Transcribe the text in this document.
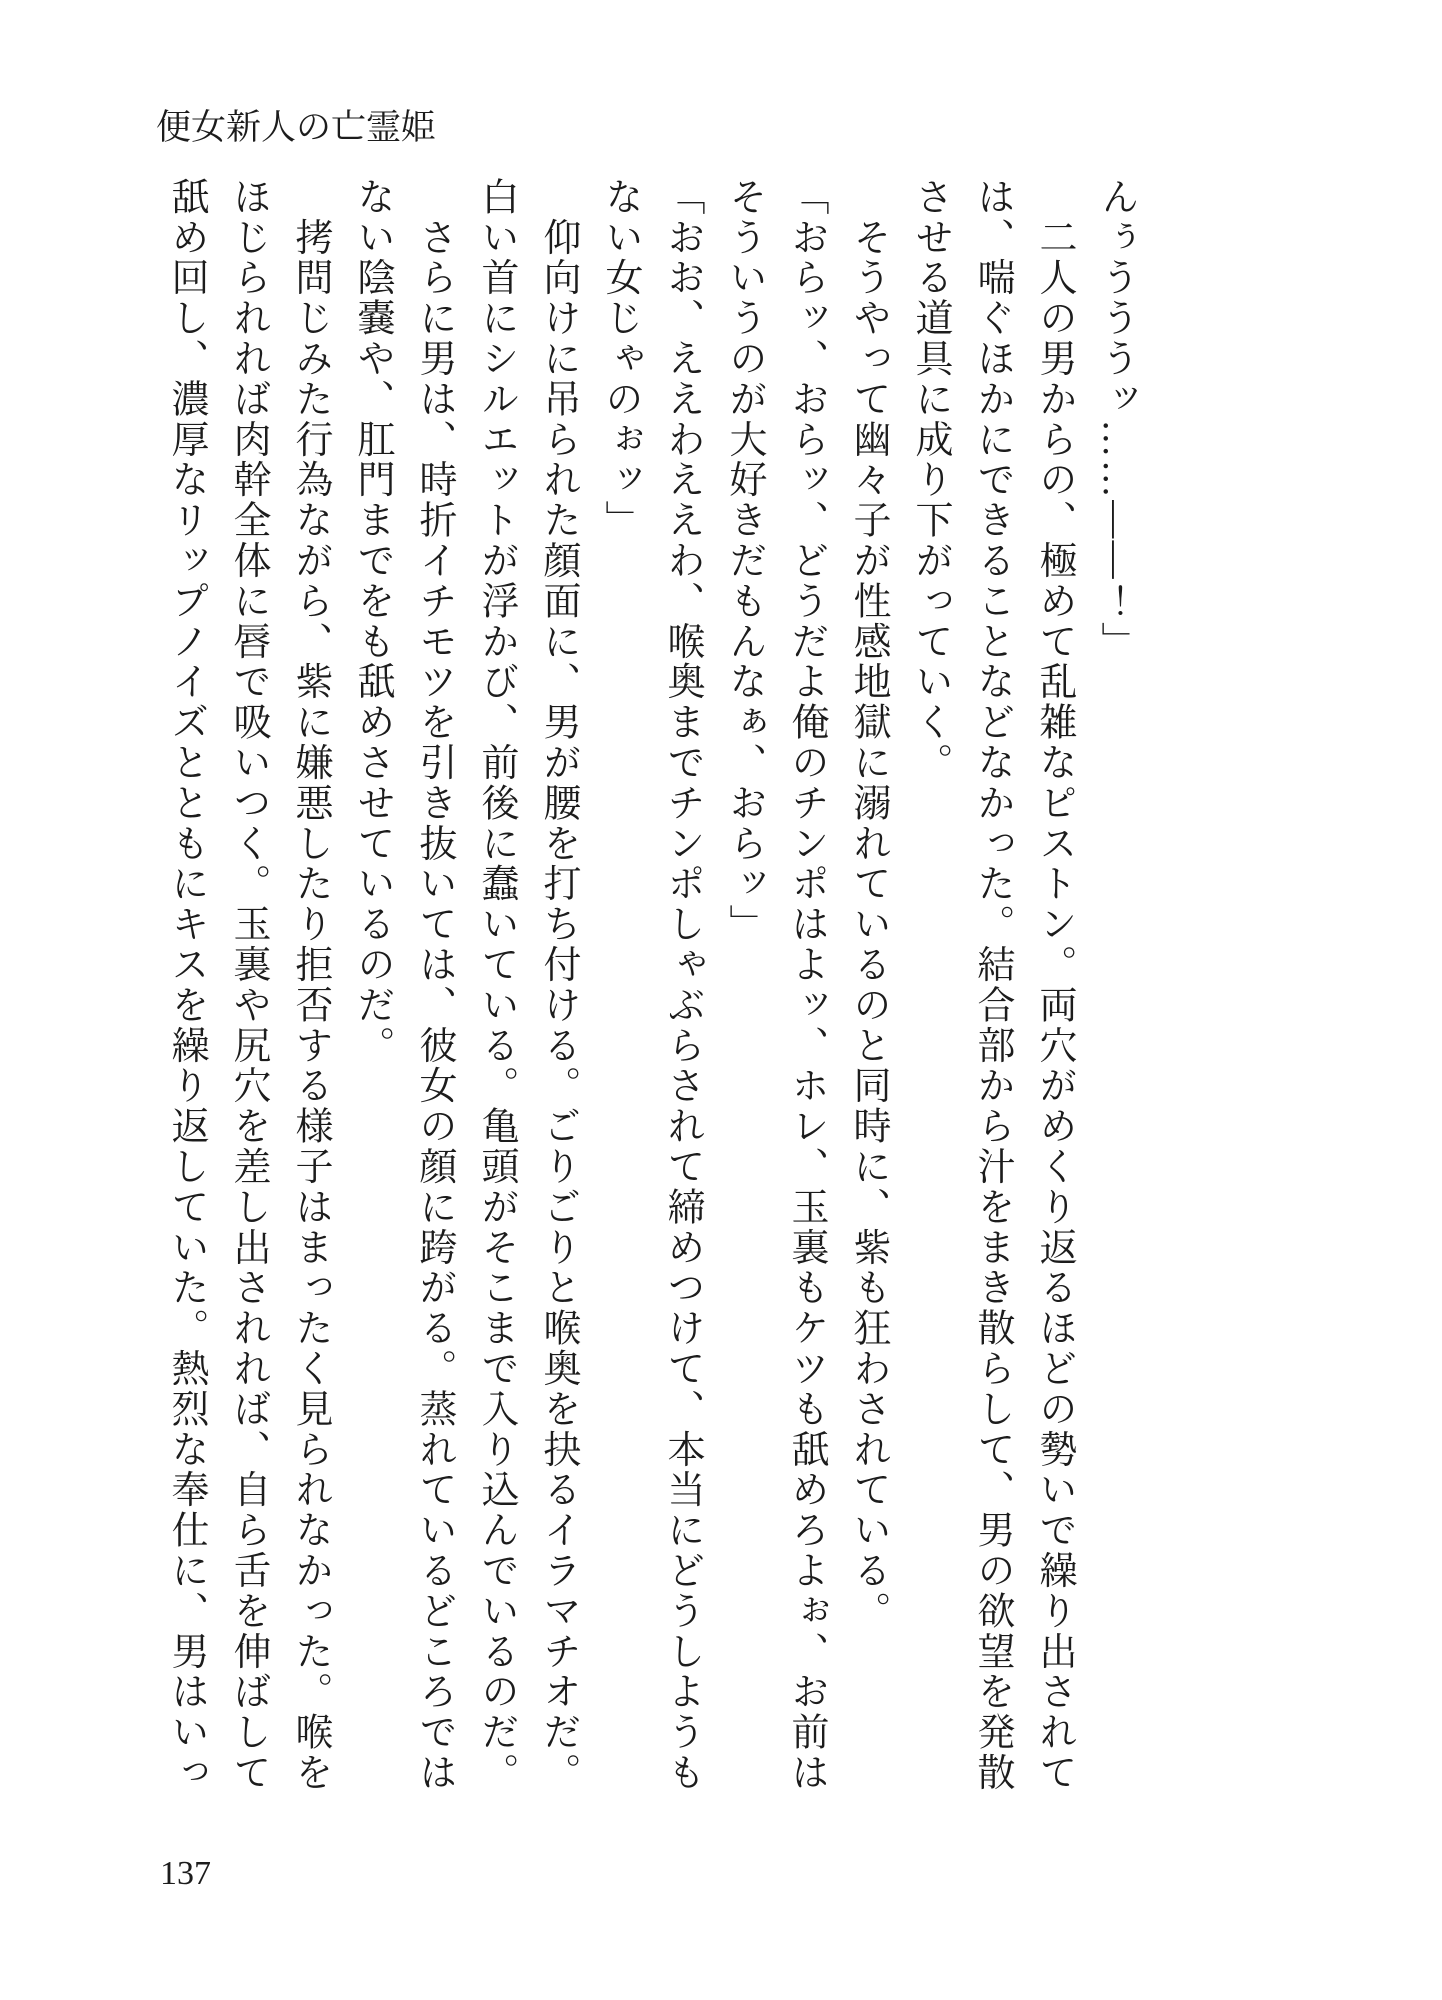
便女新人の亡霊姫
んぅうううッ……――！」
　二人の男からの、極めて乱雑なピストン。両穴がめくり返るほどの勢いで繰り出されて
は、喘ぐほかにできることなどなかった。結合部から汁をまき散らして、男の欲望を発散
させる道具に成り下がっていく。
　そうやって幽々子が性感地獄に溺れているのと同時に、紫も狂わされている。
「おらッ、おらッ、どうだよ俺のチンポはよッ、ホレ、玉裏もケツも舐めろよぉ、お前は
そういうのが大好きだもんなぁ、おらッ」
「おお、ええわええわ、喉奥までチンポしゃぶらされて締めつけて、本当にどうしようも
ない女じゃのぉッ」
　仰向けに吊られた顔面に、男が腰を打ち付ける。ごりごりと喉奥を抉るイラマチオだ。
白い首にシルエットが浮かび、前後に蠢いている。亀頭がそこまで入り込んでいるのだ。
　さらに男は、時折イチモツを引き抜いては、彼女の顔に跨がる。蒸れているどころでは
ない陰嚢や、肛門までをも舐めさせているのだ。
　拷問じみた行為ながら、紫に嫌悪したり拒否する様子はまったく見られなかった。喉を
ほじられれば肉幹全体に唇で吸いつく。玉裏や尻穴を差し出されれば、自ら舌を伸ばして
舐め回し、濃厚なリップノイズとともにキスを繰り返していた。熱烈な奉仕に、男はいっ
137
